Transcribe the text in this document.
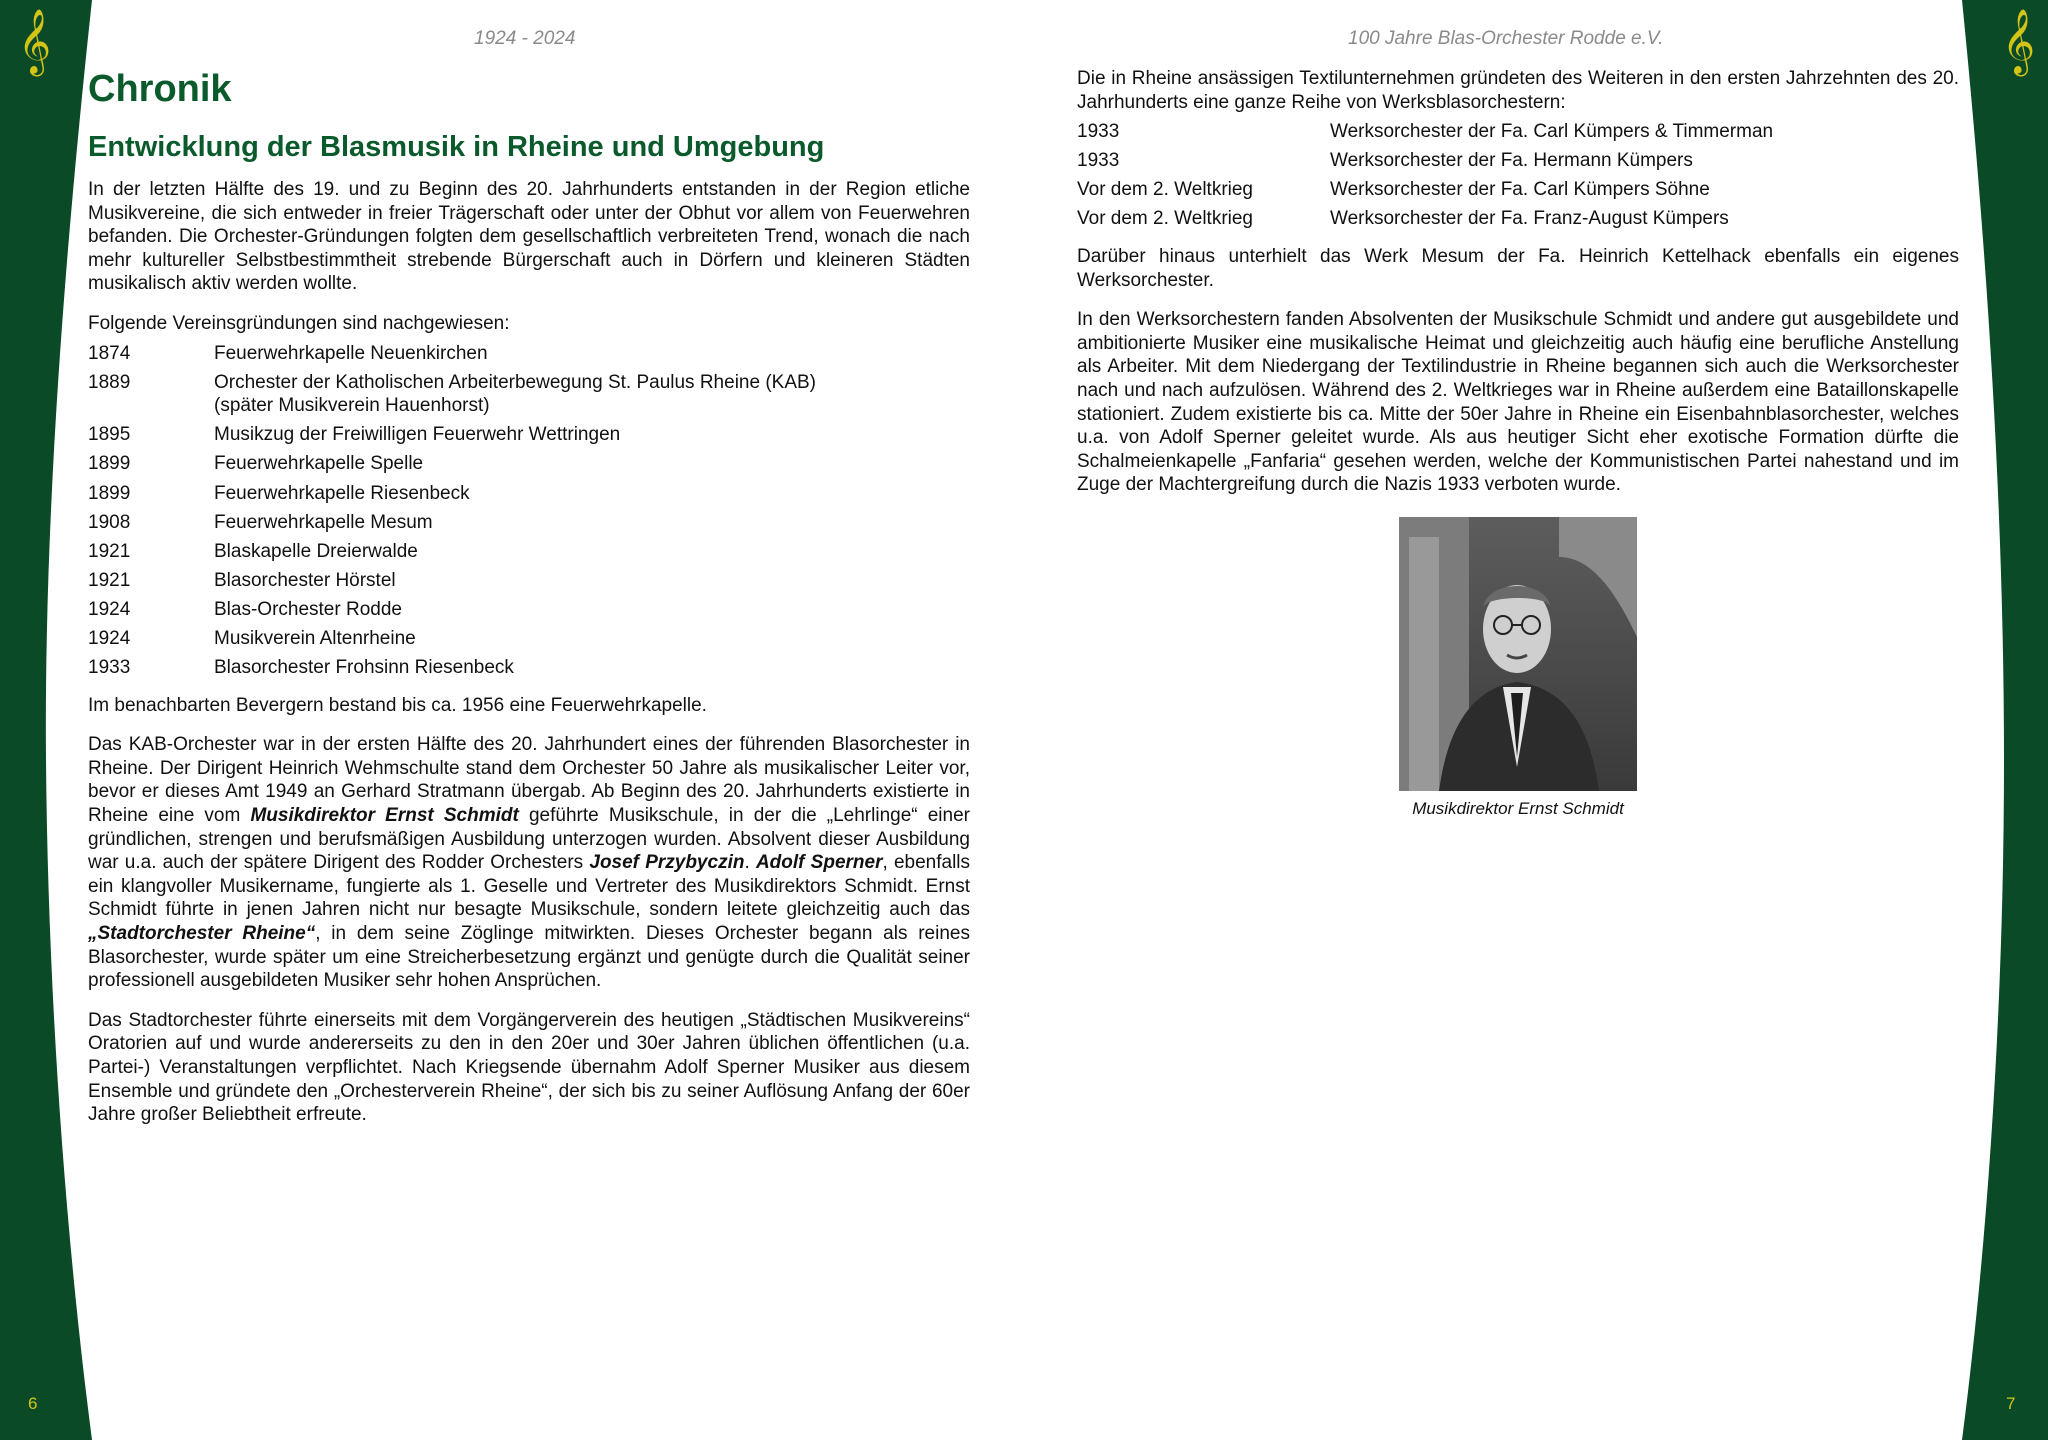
𝄞	𝄞
1924 - 2024	100 Jahre Blas-Orchester Rodde e.V.
6	7
Chronik
Entwicklung der Blasmusik in Rheine und Umgebung

In der letzten Hälfte des 19. und zu Beginn des 20. Jahrhunderts entstanden in der Region etliche Musikvereine, die sich entweder in freier Trägerschaft oder unter der Obhut vor allem von Feuerwehren befanden. Die Orchester-Gründungen folgten dem gesellschaftlich verbreiteten Trend, wonach die nach mehr kultureller Selbstbestimmtheit strebende Bürgerschaft auch in Dörfern und kleineren Städten musikalisch aktiv werden wollte.

Folgende Vereinsgründungen sind nachgewiesen:

1874	Feuerwehrkapelle Neuenkirchen
1889	Orchester der Katholischen Arbeiterbewegung St. Paulus Rheine (KAB)
(später Musikverein Hauenhorst)
1895	Musikzug der Freiwilligen Feuerwehr Wettringen
1899	Feuerwehrkapelle Spelle
1899	Feuerwehrkapelle Riesenbeck
1908	Feuerwehrkapelle Mesum
1921	Blaskapelle Dreierwalde
1921	Blasorchester Hörstel
1924	Blas-Orchester Rodde
1924	Musikverein Altenrheine
1933	Blasorchester Frohsinn Riesenbeck

Im benachbarten Bevergern bestand bis ca. 1956 eine Feuerwehrkapelle.

Das KAB-Orchester war in der ersten Hälfte des 20. Jahrhundert eines der führenden Blasorchester in Rheine. Der Dirigent Heinrich Wehmschulte stand dem Orchester 50 Jahre als musikalischer Leiter vor, bevor er dieses Amt 1949 an Gerhard Stratmann übergab. Ab Beginn des 20. Jahrhunderts existierte in Rheine eine vom Musikdirektor Ernst Schmidt geführte Musikschule, in der die „Lehrlinge“ einer gründlichen, strengen und berufsmäßigen Ausbildung unterzogen wurden. Absolvent dieser Ausbildung war u.a. auch der spätere Dirigent des Rodder Orchesters Josef Przybyczin. Adolf Sperner, ebenfalls ein klangvoller Musikername, fungierte als 1. Geselle und Vertreter des Musikdirektors Schmidt. Ernst Schmidt führte in jenen Jahren nicht nur besagte Musikschule, sondern leitete gleichzeitig auch das „Stadtorchester Rheine“, in dem seine Zöglinge mitwirkten. Dieses Orchester begann als reines Blasorchester, wurde später um eine Streicherbesetzung ergänzt und genügte durch die Qualität seiner professionell ausgebildeten Musiker sehr hohen Ansprüchen.

Das Stadtorchester führte einerseits mit dem Vorgängerverein des heutigen „Städtischen Musikvereins“ Oratorien auf und wurde andererseits zu den in den 20er und 30er Jahren üblichen öffentlichen (u.a. Partei-) Veranstaltungen verpflichtet. Nach Kriegsende übernahm Adolf Sperner Musiker aus diesem Ensemble und gründete den „Orchesterverein Rheine“, der sich bis zu seiner Auflösung Anfang der 60er Jahre großer Beliebtheit erfreute.

Die in Rheine ansässigen Textilunternehmen gründeten des Weiteren in den ersten Jahrzehnten des 20. Jahrhunderts eine ganze Reihe von Werksblasorchestern:

1933	Werksorchester der Fa. Carl Kümpers & Timmerman
1933	Werksorchester der Fa. Hermann Kümpers
Vor dem 2. Weltkrieg	Werksorchester der Fa. Carl Kümpers Söhne
Vor dem 2. Weltkrieg	Werksorchester der Fa. Franz-August Kümpers

Darüber hinaus unterhielt das Werk Mesum der Fa. Heinrich Kettelhack ebenfalls ein eigenes Werksorchester.

In den Werksorchestern fanden Absolventen der Musikschule Schmidt und andere gut ausgebildete und ambitionierte Musiker eine musikalische Heimat und gleichzeitig auch häufig eine berufliche Anstellung als Arbeiter. Mit dem Niedergang der Textilindustrie in Rheine begannen sich auch die Werksorchester nach und nach aufzulösen. Während des 2. Weltkrieges war in Rheine außerdem eine Bataillonskapelle stationiert. Zudem existierte bis ca. Mitte der 50er Jahre in Rheine ein Eisenbahnblasorchester, welches u.a. von Adolf Sperner geleitet wurde. Als aus heutiger Sicht eher exotische Formation dürfte die Schalmeienkapelle „Fanfaria“ gesehen werden, welche der Kommunistischen Partei nahestand und im Zuge der Machtergreifung durch die Nazis 1933 verboten wurde.

Musikdirektor Ernst Schmidt
